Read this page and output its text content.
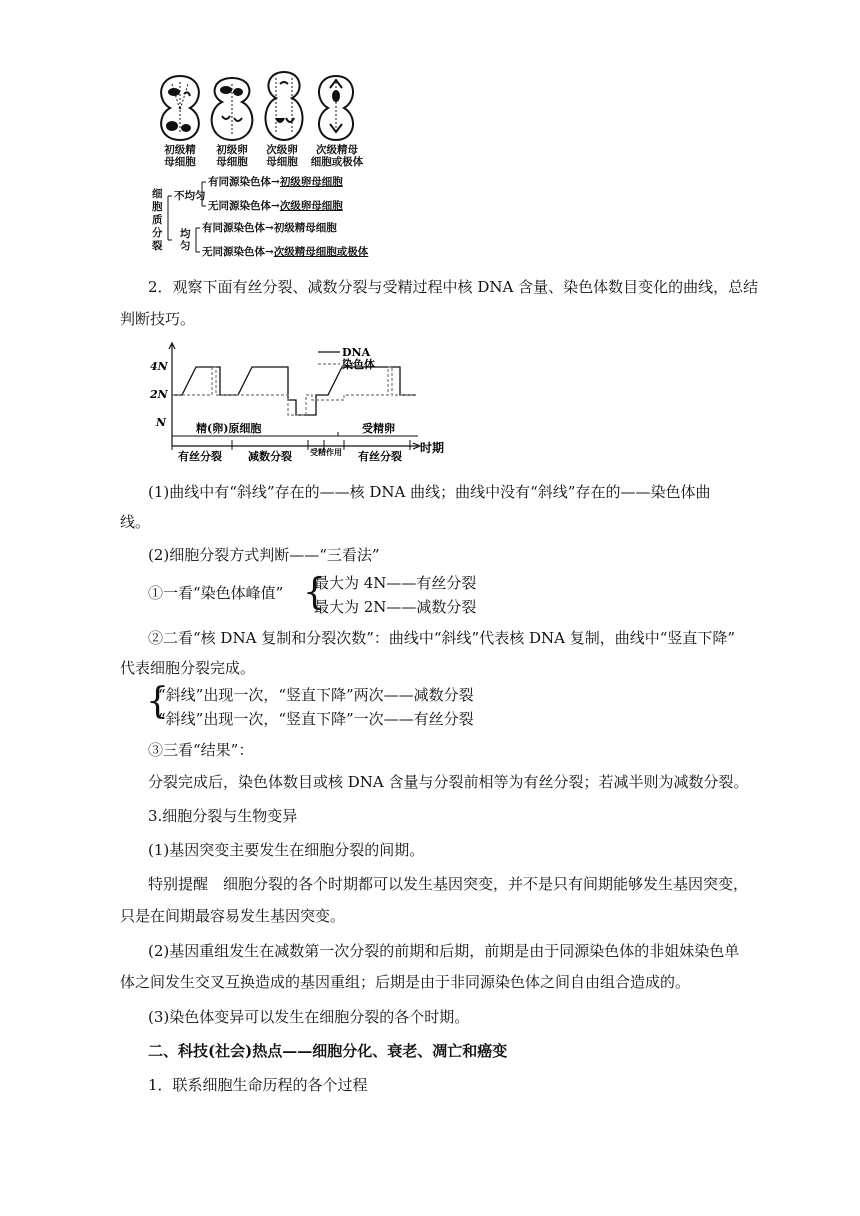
初级精
母细胞
初级卵
母细胞
次级卵
母细胞
次级精母
细胞或极体
细胞质分裂
不均匀
均匀
有同源染色体→初级卵母细胞
无同源染色体→次级卵母细胞
有同源染色体→初级精母细胞
无同源染色体→次级精母细胞或极体
2．观察下面有丝分裂、减数分裂与受精过程中核 DNA 含量、染色体数目变化的曲线，总结
判断技巧。
4N
2N
N
DNA
染色体
精(卵)原细胞	受精卵
有丝分裂 减数分裂 受精 作用 有丝分裂
时期
(1)曲线中有“斜线”存在的——核 DNA 曲线；曲线中没有“斜线”存在的——染色体曲
线。
(2)细胞分裂方式判断——“三看法”
①一看“染色体峰值” {
最大为 4N——有丝分裂
最大为 2N——减数分裂
②二看“核 DNA 复制和分裂次数”：曲线中“斜线”代表核 DNA 复制，曲线中“竖直下降”
代表细胞分裂完成。
{
“斜线”出现一次，“竖直下降”两次——减数分裂
“斜线”出现一次，“竖直下降”一次——有丝分裂
③三看“结果”：
分裂完成后，染色体数目或核 DNA 含量与分裂前相等为有丝分裂；若减半则为减数分裂。
3.细胞分裂与生物变异
(1)基因突变主要发生在细胞分裂的间期。
特别提醒　细胞分裂的各个时期都可以发生基因突变，并不是只有间期能够发生基因突变，
只是在间期最容易发生基因突变。
(2)基因重组发生在减数第一次分裂的前期和后期，前期是由于同源染色体的非姐妹染色单
体之间发生交叉互换造成的基因重组；后期是由于非同源染色体之间自由组合造成的。
(3)染色体变异可以发生在细胞分裂的各个时期。
二、科技(社会)热点——细胞分化、衰老、凋亡和癌变
1．联系细胞生命历程的各个过程
